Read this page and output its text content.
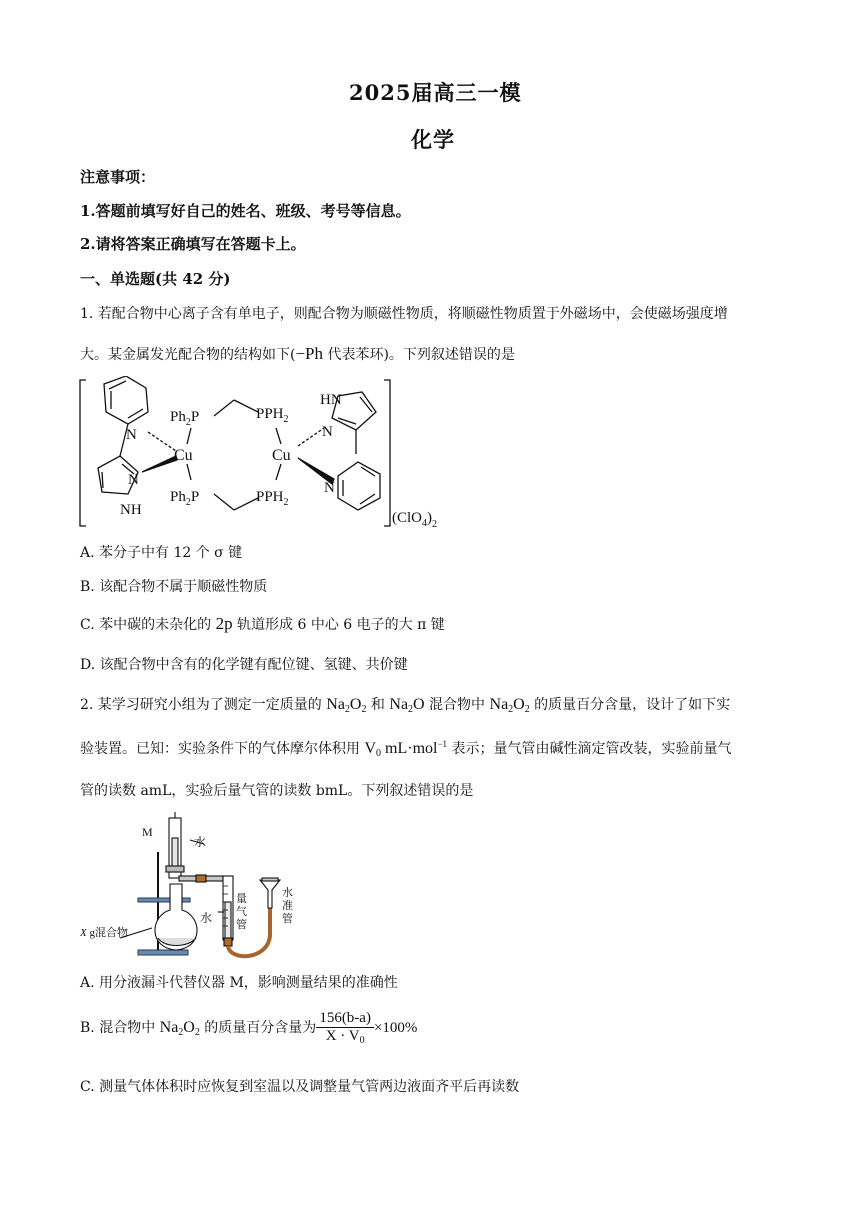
2025届高三一模
化学
注意事项：
1.答题前填写好自己的姓名、班级、考号等信息。
2.请将答案正确填写在答题卡上。
一、单选题(共 42 分)
1. 若配合物中心离子含有单电子，则配合物为顺磁性物质，将顺磁性物质置于外磁场中，会使磁场强度增
大。某金属发光配合物的结构如下(−Ph 代表苯环)。下列叙述错误的是
N
N
NH
Cu
$Ph_2P$
$Ph_2P$
$PPH_2$
$PPH_2$
Cu
HN
N
N
$(ClO_4)_2$
A. 苯分子中有 12 个 σ 键
B. 该配合物不属于顺磁性物质
C. 苯中碳的未杂化的 2p 轨道形成 6 中心 6 电子的大 π 键
D. 该配合物中含有的化学键有配位键、氢键、共价键
2. 某学习研究小组为了测定一定质量的 $Na_2O_2$ 和 $Na_2O$ 混合物中 $Na_2O_2$ 的质量百分含量，设计了如下实
验装置。已知：实验条件下的气体摩尔体积用 $V_0$ mL·mol$^{-1}$ 表示；量气管由碱性滴定管改装，实验前量气
管的读数 amL，实验后量气管的读数 bmL。下列叙述错误的是
M
水
水
X g混合物
量气管
水准管
A. 用分液漏斗代替仪器 M，影响测量结果的准确性
B. 混合物中 $Na_2O_2$ 的质量百分含量为 $\frac{156(b-a)}{X \cdot V_0} \times 100\%$
C. 测量气体体积时应恢复到室温以及调整量气管两边液面齐平后再读数
